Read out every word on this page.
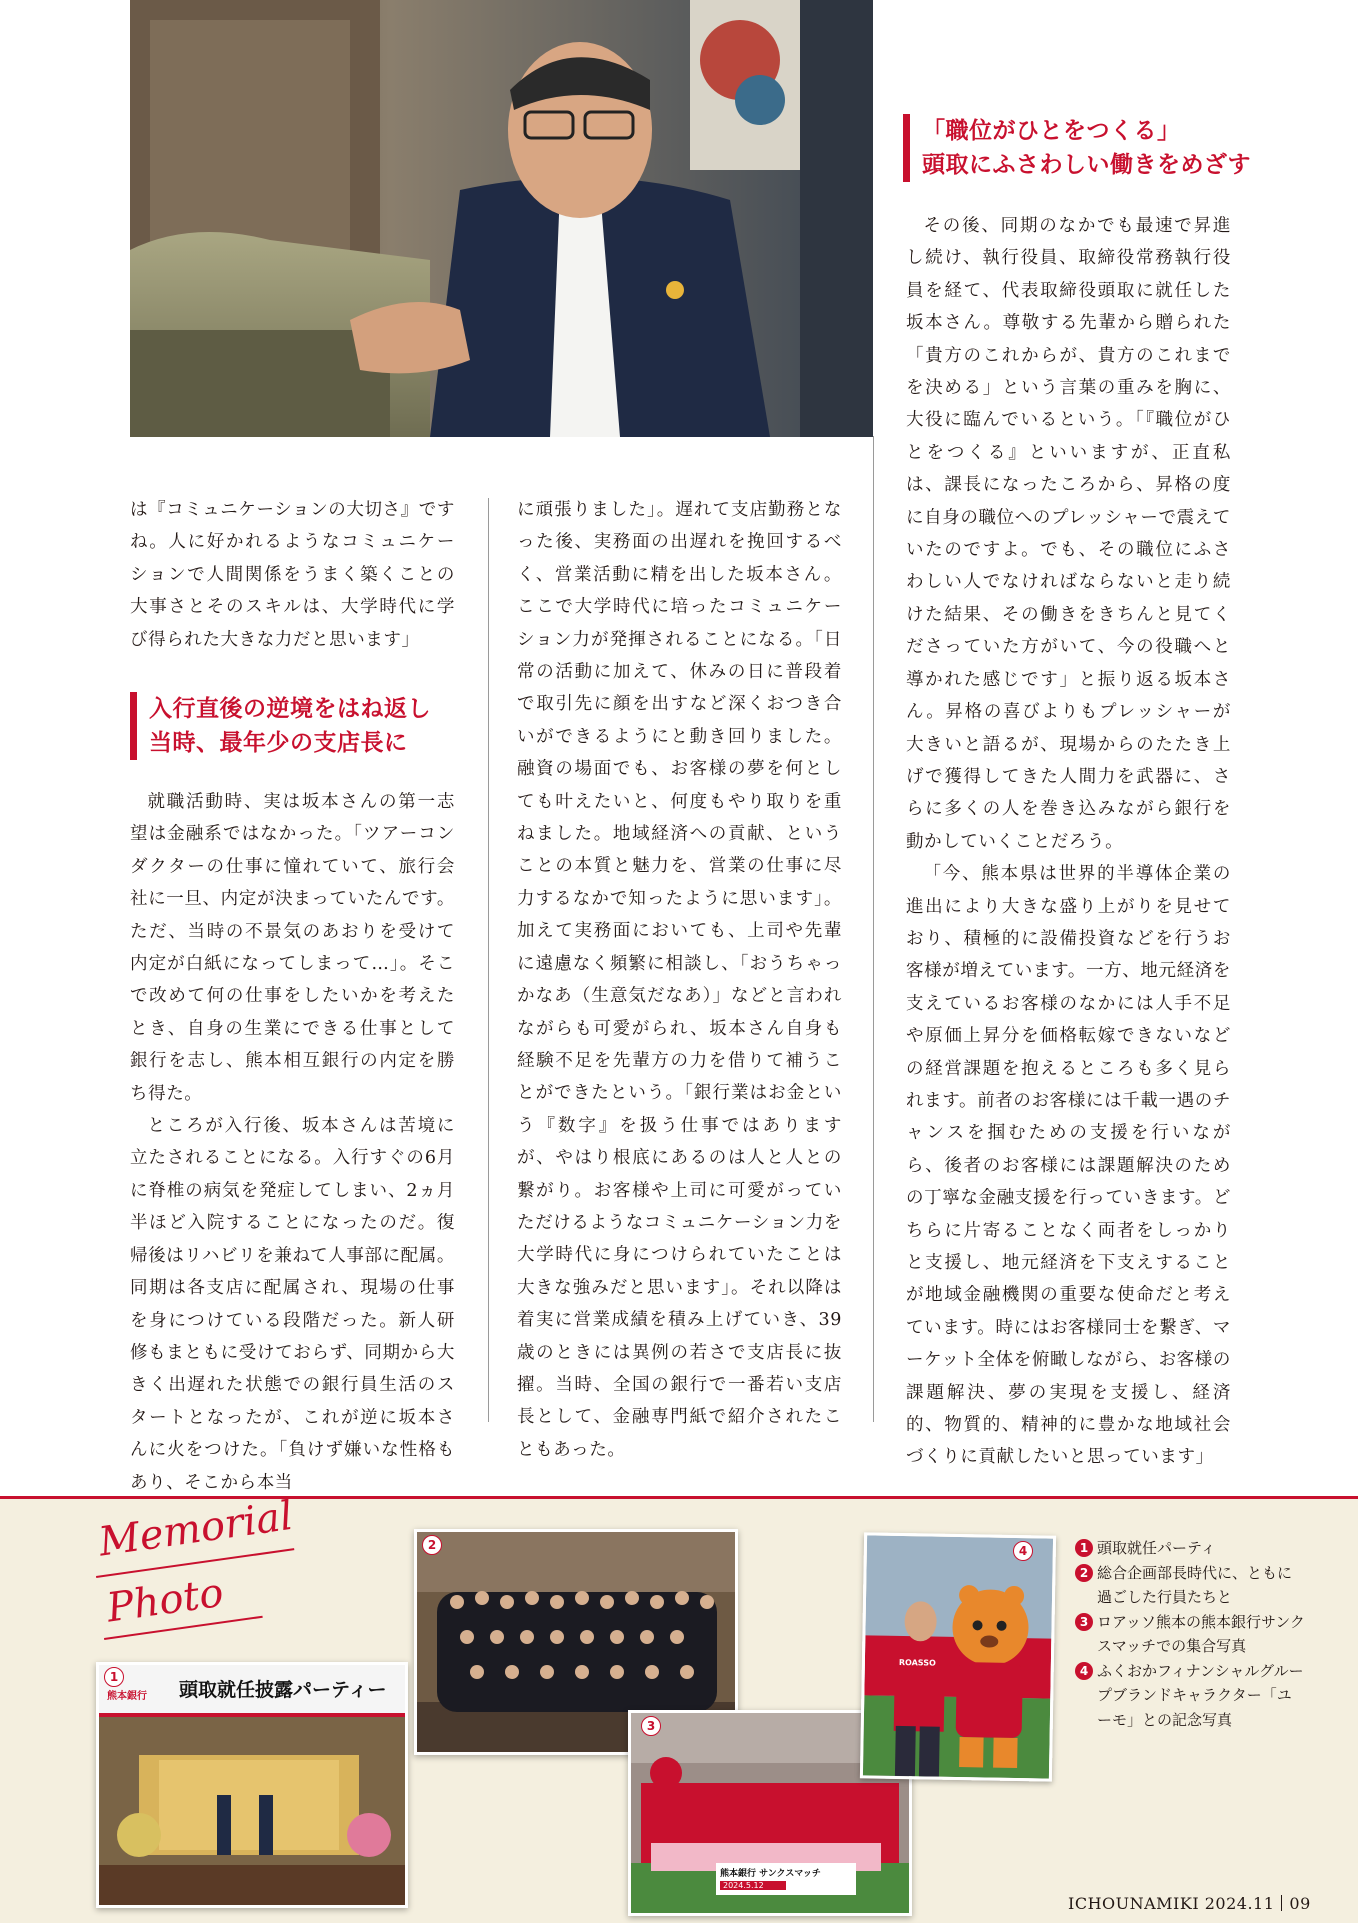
「職位がひとをつくる」
頭取にふさわしい働きをめざす

その後、同期のなかでも最速で昇進し続け、執行役員、取締役常務執行役員を経て、代表取締役頭取に就任した坂本さん。尊敬する先輩から贈られた「貴方のこれからが、貴方のこれまでを決める」という言葉の重みを胸に、大役に臨んでいるという。「『職位がひとをつくる』といいますが、正直私は、課長になったころから、昇格の度に自身の職位へのプレッシャーで震えていたのですよ。でも、その職位にふさわしい人でなければならないと走り続けた結果、その働きをきちんと見てくださっていた方がいて、今の役職へと導かれた感じです」と振り返る坂本さん。昇格の喜びよりもプレッシャーが大きいと語るが、現場からのたたき上げで獲得してきた人間力を武器に、さらに多くの人を巻き込みながら銀行を動かしていくことだろう。

「今、熊本県は世界的半導体企業の進出により大きな盛り上がりを見せており、積極的に設備投資などを行うお客様が増えています。一方、地元経済を支えているお客様のなかには人手不足や原価上昇分を価格転嫁できないなどの経営課題を抱えるところも多く見られます。前者のお客様には千載一遇のチャンスを掴むための支援を行いながら、後者のお客様には課題解決のための丁寧な金融支援を行っていきます。どちらに片寄ることなく両者をしっかりと支援し、地元経済を下支えすることが地域金融機関の重要な使命だと考えています。時にはお客様同士を繋ぎ、マーケット全体を俯瞰しながら、お客様の課題解決、夢の実現を支援し、経済的、物質的、精神的に豊かな地域社会づくりに貢献したいと思っています」

は『コミュニケーションの大切さ』ですね。人に好かれるようなコミュニケーションで人間関係をうまく築くことの大事さとそのスキルは、大学時代に学び得られた大きな力だと思います」

入行直後の逆境をはね返し
当時、最年少の支店長に

就職活動時、実は坂本さんの第一志望は金融系ではなかった。「ツアーコンダクターの仕事に憧れていて、旅行会社に一旦、内定が決まっていたんです。ただ、当時の不景気のあおりを受けて内定が白紙になってしまって…」。そこで改めて何の仕事をしたいかを考えたとき、自身の生業にできる仕事として銀行を志し、熊本相互銀行の内定を勝ち得た。

ところが入行後、坂本さんは苦境に立たされることになる。入行すぐの6月に脊椎の病気を発症してしまい、2ヵ月半ほど入院することになったのだ。復帰後はリハビリを兼ねて人事部に配属。同期は各支店に配属され、現場の仕事を身につけている段階だった。新人研修もまともに受けておらず、同期から大きく出遅れた状態での銀行員生活のスタートとなったが、これが逆に坂本さんに火をつけた。「負けず嫌いな性格もあり、そこから本当

に頑張りました」。遅れて支店勤務となった後、実務面の出遅れを挽回するべく、営業活動に精を出した坂本さん。ここで大学時代に培ったコミュニケーション力が発揮されることになる。「日常の活動に加えて、休みの日に普段着で取引先に顔を出すなど深くおつき合いができるようにと動き回りました。融資の場面でも、お客様の夢を何としても叶えたいと、何度もやり取りを重ねました。地域経済への貢献、ということの本質と魅力を、営業の仕事に尽力するなかで知ったように思います」。加えて実務面においても、上司や先輩に遠慮なく頻繁に相談し、「おうちゃっかなあ（生意気だなあ）」などと言われながらも可愛がられ、坂本さん自身も経験不足を先輩方の力を借りて補うことができたという。「銀行業はお金という『数字』を扱う仕事ではありますが、やはり根底にあるのは人と人との繋がり。お客様や上司に可愛がっていただけるようなコミュニケーション力を大学時代に身につけられていたことは大きな強みだと思います」。それ以降は着実に営業成績を積み上げていき、39歳のときには異例の若さで支店長に抜擢。当時、全国の銀行で一番若い支店長として、金融専門紙で紹介されたこともあった。

Memorial
Photo
熊本銀行 頭取就任披露パーティー
1
2
熊本銀行 サンクスマッチ
2024.5.12
3
ROASSO
4	1 頭取就任パーティ
2 総合企画部長時代に、ともに過ごした行員たちと
3 ロアッソ熊本の熊本銀行サンクスマッチでの集合写真
4 ふくおかフィナンシャルグループブランドキャラクター「ユーモ」との記念写真
ICHOUNAMIKI 2024.11 09
